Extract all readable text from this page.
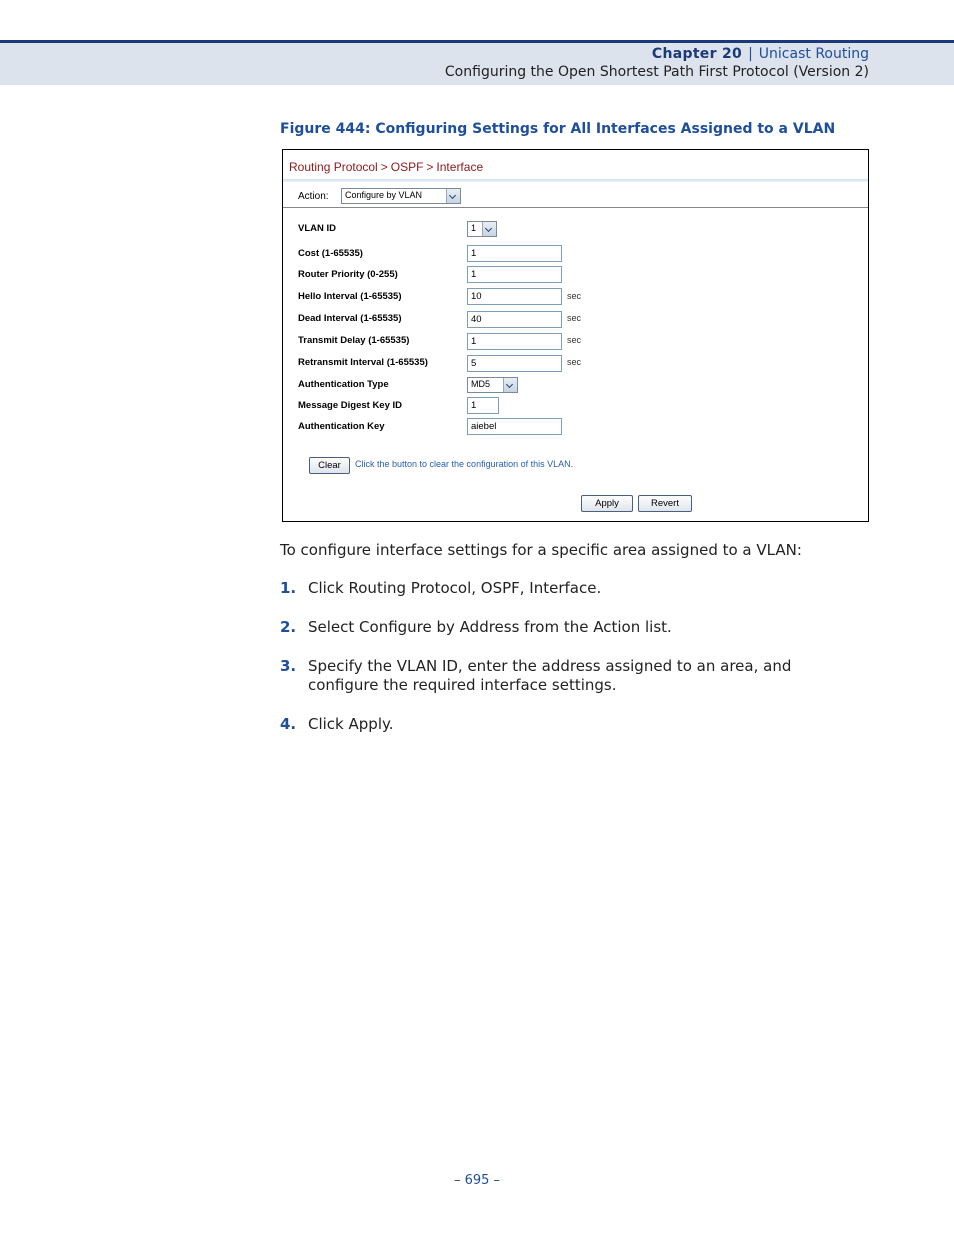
Chapter 20 | Unicast Routing
Configuring the Open Shortest Path First Protocol (Version 2)
Figure 444: Configuring Settings for All Interfaces Assigned to a VLAN
Routing Protocol > OSPF > Interface
Action: Configure by VLAN
VLAN ID	1
Cost (1-65535)	1
Router Priority (0-255)	1
Hello Interval (1-65535)	10	sec
Dead Interval (1-65535)	40	sec
Transmit Delay (1-65535)	1	sec
Retransmit Interval (1-65535)	5	sec
Authentication Type	MD5
Message Digest Key ID	1
Authentication Key	aiebel
Clear	Click the button to clear the configuration of this VLAN.
Apply	Revert
To configure interface settings for a specific area assigned to a VLAN:
1. Click Routing Protocol, OSPF, Interface.
2. Select Configure by Address from the Action list.
3. Specify the VLAN ID, enter the address assigned to an area, and
configure the required interface settings.
4. Click Apply.
– 695 –
